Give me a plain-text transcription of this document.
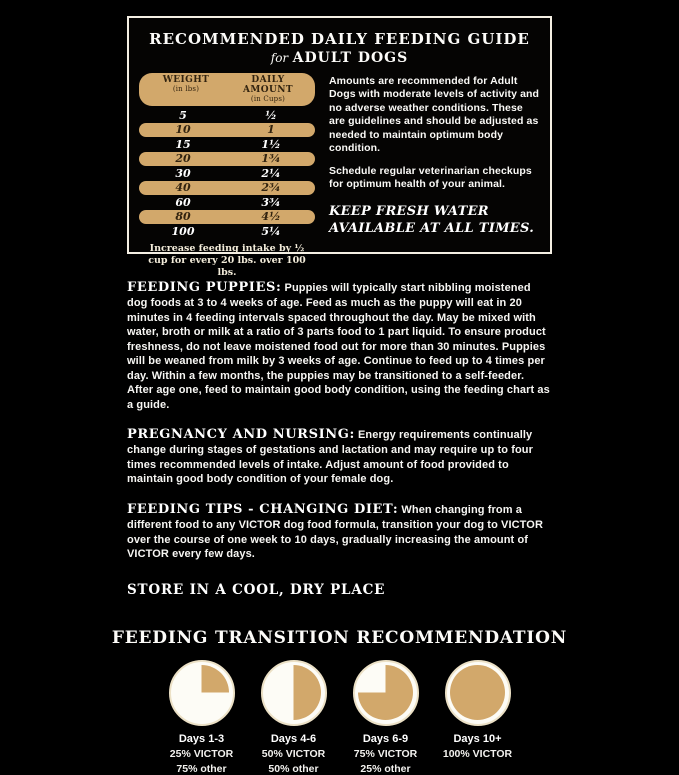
RECOMMENDED DAILY FEEDING GUIDE
for ADULT DOGS
WEIGHT
(in lbs)
DAILY AMOUNT
(in Cups)
5	½
10	1
15	1½
20	1¾
30	2¼
40	2¾
60	3¾
80	4½
100	5¼
Increase feeding intake by ½ cup for every 20 lbs. over 100 lbs.

Amounts are recommended for Adult Dogs with moderate levels of activity and no adverse weather conditions. These are guidelines and should be adjusted as needed to maintain optimum body condition.

Schedule regular veterinarian checkups for optimum health of your animal.

KEEP FRESH WATER AVAILABLE AT ALL TIMES.

FEEDING PUPPIES: Puppies will typically start nibbling moistened dog foods at 3 to 4 weeks of age. Feed as much as the puppy will eat in 20 minutes in 4 feeding intervals spaced throughout the day. May be mixed with water, broth or milk at a ratio of 3 parts food to 1 part liquid. To ensure product freshness, do not leave moistened food out for more than 30 minutes. Puppies will be weaned from milk by 3 weeks of age. Continue to feed up to 4 times per day. Within a few months, the puppies may be transitioned to a self-feeder. After age one, feed to maintain good body condition, using the feeding chart as a guide.

PREGNANCY AND NURSING: Energy requirements continually change during stages of gestations and lactation and may require up to four times recommended levels of intake. Adjust amount of food provided to maintain good body condition of your female dog.

FEEDING TIPS - CHANGING DIET: When changing from a different food to any VICTOR dog food formula, transition your dog to VICTOR over the course of one week to 10 days, gradually increasing the amount of VICTOR every few days.

STORE IN A COOL, DRY PLACE
FEEDING TRANSITION RECOMMENDATION
Days 1-3
25% VICTOR
75% other
Days 4-6
50% VICTOR
50% other
Days 6-9
75% VICTOR
25% other
Days 10+
100% VICTOR
